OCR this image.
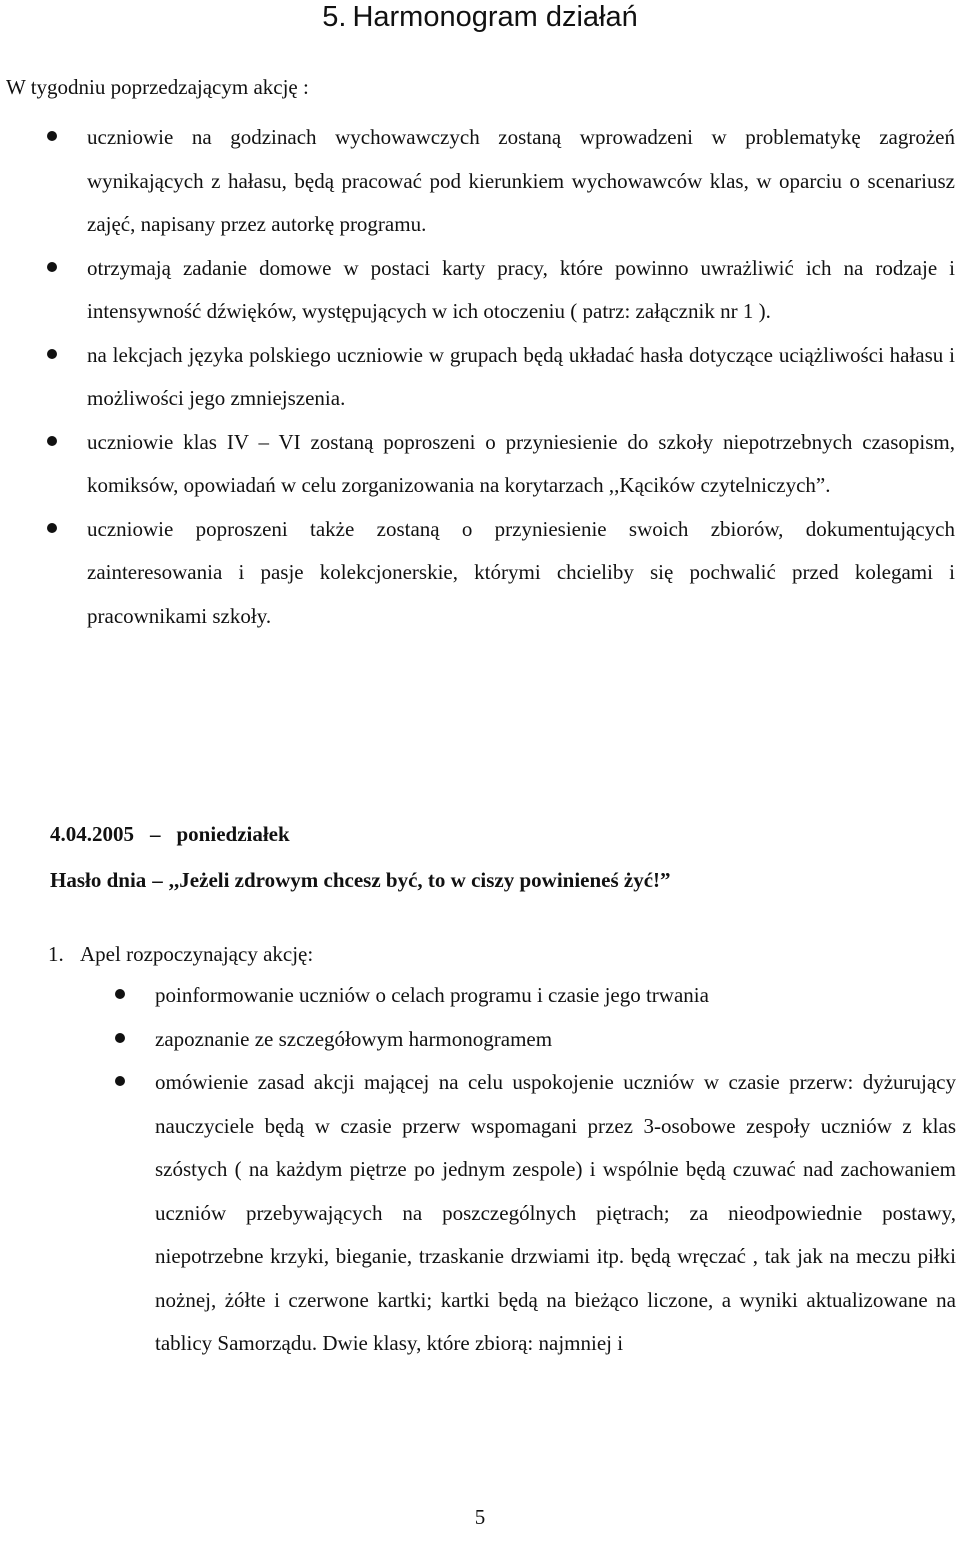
5. Harmonogram działań

W tygodniu poprzedzającym akcję :

uczniowie na godzinach wychowawczych zostaną wprowadzeni w problematykę zagrożeń wynikających z hałasu, będą pracować pod kierunkiem wychowawców klas, w oparciu o scenariusz zajęć, napisany przez autorkę programu.
otrzymają zadanie domowe w postaci karty pracy, które powinno uwrażliwić ich na rodzaje i intensywność dźwięków, występujących w ich otoczeniu ( patrz: załącznik nr 1 ).
na lekcjach języka polskiego uczniowie w grupach będą układać hasła dotyczące uciążliwości hałasu i możliwości jego zmniejszenia.
uczniowie klas IV – VI zostaną poproszeni o przyniesienie do szkoły niepotrzebnych czasopism, komiksów, opowiadań w celu zorganizowania na korytarzach ,,Kącików czytelniczych”.
uczniowie poproszeni także zostaną o przyniesienie swoich zbiorów, dokumentujących zainteresowania i pasje kolekcjonerskie, którymi chcieliby się pochwalić przed kolegami i pracownikami szkoły.

4.04.2005 – poniedziałek

Hasło dnia – ,,Jeżeli zdrowym chcesz być, to w ciszy powinieneś żyć!”

1. Apel rozpoczynający akcję:

poinformowanie uczniów o celach programu i czasie jego trwania
zapoznanie ze szczegółowym harmonogramem
omówienie zasad akcji mającej na celu uspokojenie uczniów w czasie przerw: dyżurujący nauczyciele będą w czasie przerw wspomagani przez 3-osobowe zespoły uczniów z klas szóstych ( na każdym piętrze po jednym zespole) i wspólnie będą czuwać nad zachowaniem uczniów przebywających na poszczególnych piętrach; za nieodpowiednie postawy, niepotrzebne krzyki, bieganie, trzaskanie drzwiami itp. będą wręczać , tak jak na meczu piłki nożnej, żółte i czerwone kartki; kartki będą na bieżąco liczone, a wyniki aktualizowane na tablicy Samorządu. Dwie klasy, które zbiorą: najmniej i

5
